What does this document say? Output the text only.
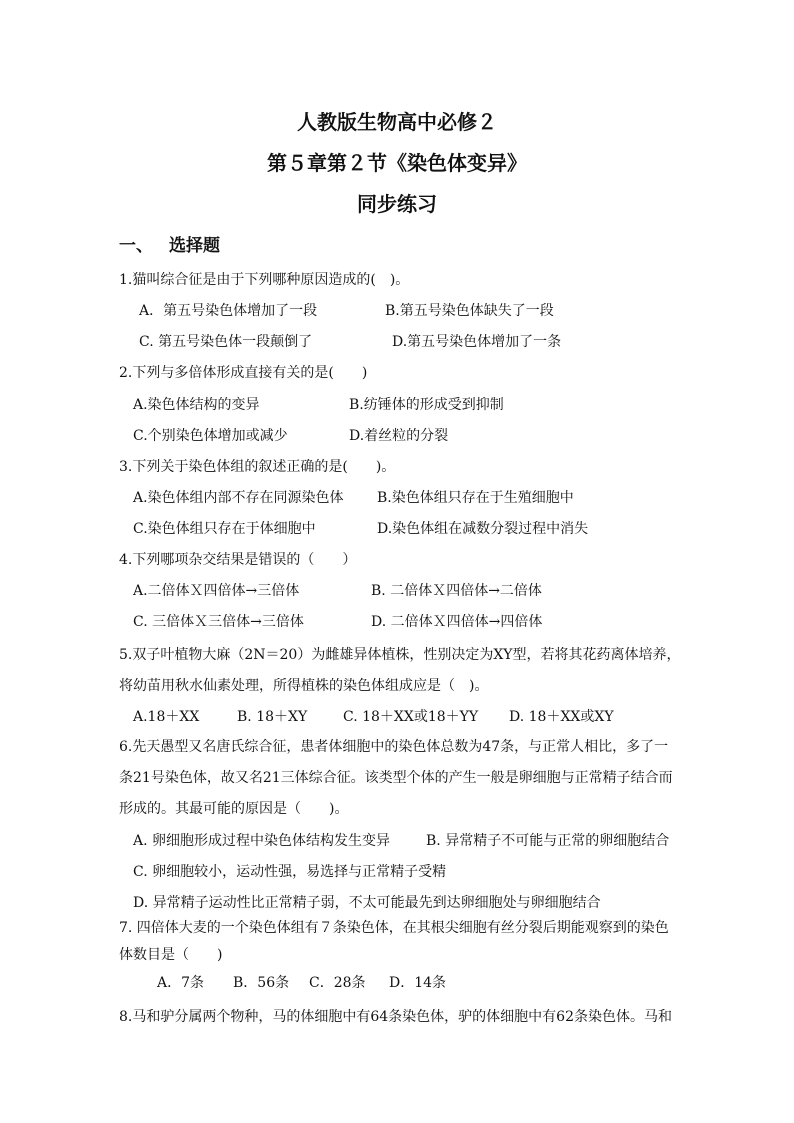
人教版生物高中必修２
第５章第２节《染色体变异》
同步练习
一、 选择题
1.猫叫综合征是由于下列哪种原因造成的(　)。
A．第五号染色体增加了一段	B.第五号染色体缺失了一段
C. 第五号染色体一段颠倒了	D.第五号染色体增加了一条
2.下列与多倍体形成直接有关的是(　　)
A.染色体结构的变异	B.纺锤体的形成受到抑制
C.个别染色体增加或减少	D.着丝粒的分裂
3.下列关于染色体组的叙述正确的是(　　)。
A.染色体组内部不存在同源染色体 B.染色体组只存在于生殖细胞中
C.染色体组只存在于体细胞中	D.染色体组在减数分裂过程中消失
4.下列哪项杂交结果是错误的（　　）
A.二倍体Ｘ四倍体→三倍体	B. 二倍体Ｘ四倍体→二倍体
C. 三倍体Ｘ三倍体→三倍体	D. 二倍体Ｘ四倍体→四倍体
5.双子叶植物大麻（2N＝20）为雌雄异体植株，性别决定为XY型，若将其花药离体培养，
将幼苗用秋水仙素处理，所得植株的染色体组成应是（　)。
A.18＋XX	B. 18＋XY	C. 18＋XX或18＋YY D. 18＋XX或XY
6.先天愚型又名唐氏综合征，患者体细胞中的染色体总数为47条，与正常人相比，多了一
条21号染色体，故又名21三体综合征。该类型个体的产生一般是卵细胞与正常精子结合而
形成的。其最可能的原因是（　　)。
A. 卵细胞形成过程中染色体结构发生变异	B. 异常精子不可能与正常的卵细胞结合
C. 卵细胞较小，运动性强，易选择与正常精子受精
D. 异常精子运动性比正常精子弱，不太可能最先到达卵细胞处与卵细胞结合
7. 四倍体大麦的一个染色体组有７条染色体，在其根尖细胞有丝分裂后期能观察到的染色
体数目是（　　)
A．7条 B．56条 C．28条 D．14条
8.马和驴分属两个物种，马的体细胞中有64条染色体，驴的体细胞中有62条染色体。马和
